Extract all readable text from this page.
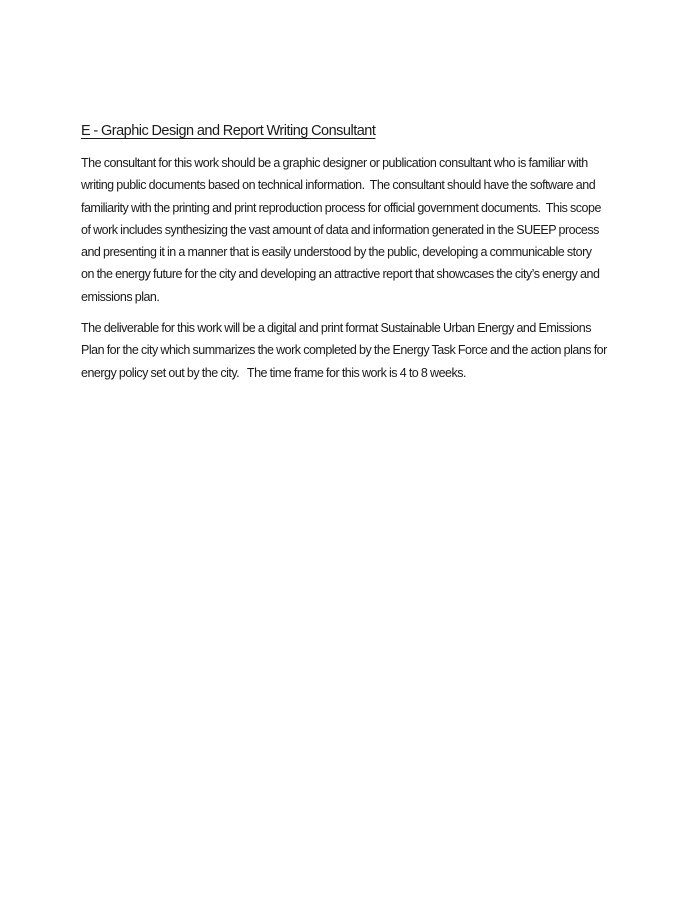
E - Graphic Design and Report Writing Consultant

The consultant for this work should be a graphic designer or publication consultant who is familiar with
writing public documents based on technical information.  The consultant should have the software and
familiarity with the printing and print reproduction process for official government documents.  This scope
of work includes synthesizing the vast amount of data and information generated in the SUEEP process
and presenting it in a manner that is easily understood by the public, developing a communicable story
on the energy future for the city and developing an attractive report that showcases the city’s energy and
emissions plan.

The deliverable for this work will be a digital and print format Sustainable Urban Energy and Emissions
Plan for the city which summarizes the work completed by the Energy Task Force and the action plans for
energy policy set out by the city.   The time frame for this work is 4 to 8 weeks.
